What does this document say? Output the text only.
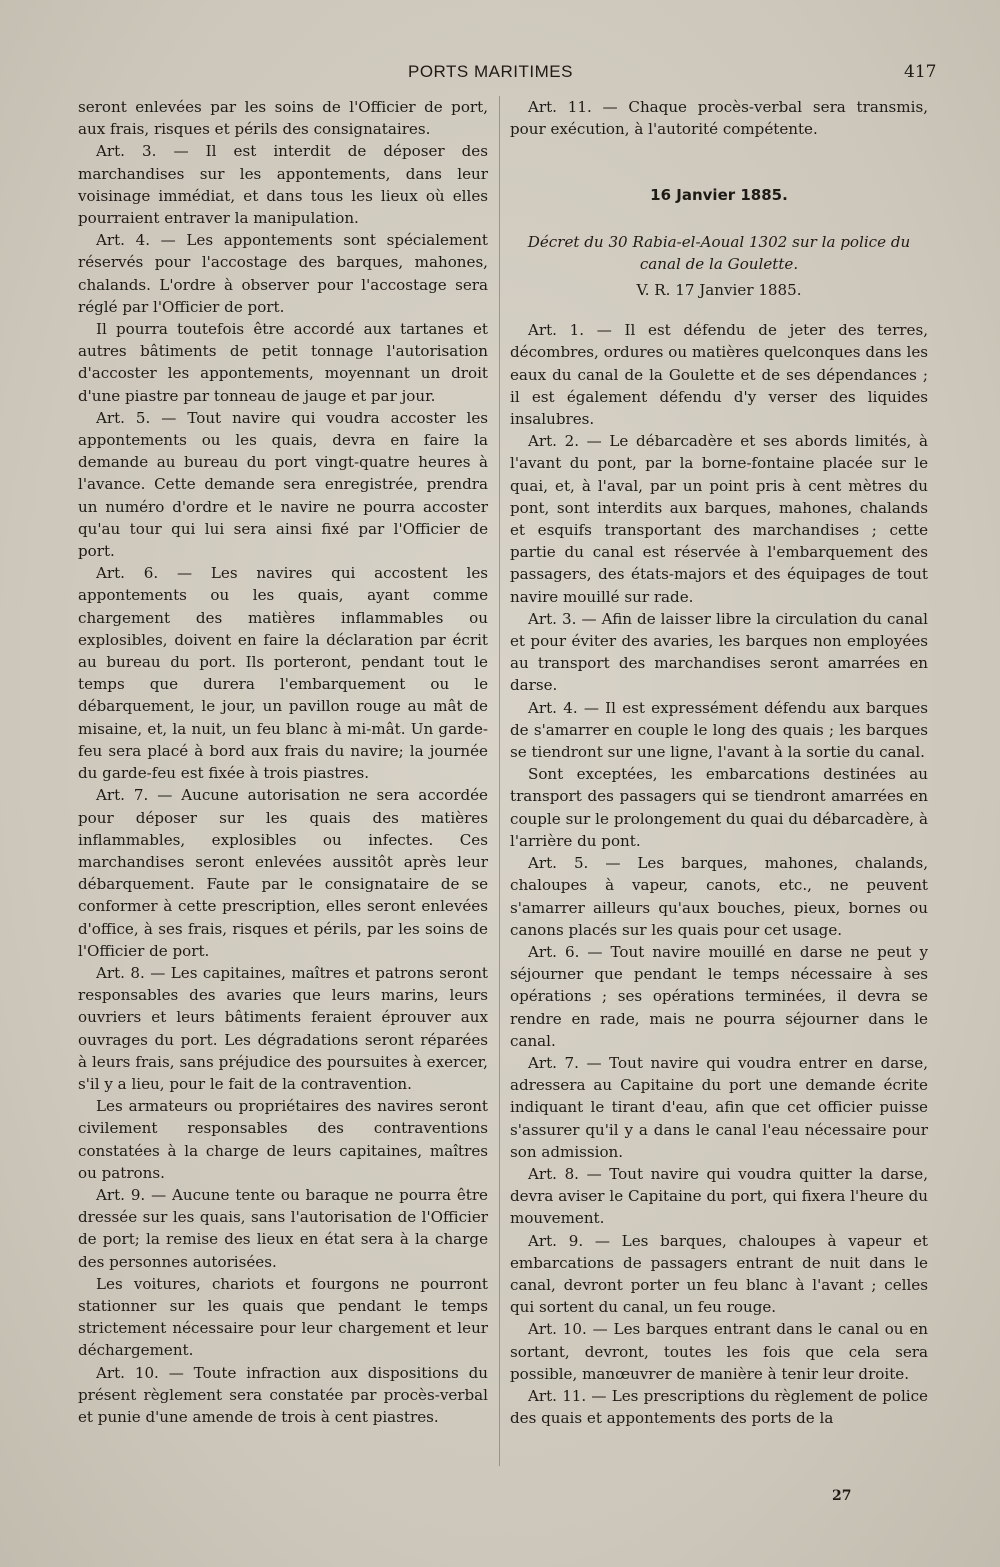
PORTS MARITIMES	417

seront enlevées par les soins de l'Officier de port, aux frais, risques et périls des consignataires.

Art. 3. — Il est interdit de déposer des marchandises sur les appontements, dans leur voisinage immédiat, et dans tous les lieux où elles pourraient entraver la manipulation.

Art. 4. — Les appontements sont spécialement réservés pour l'accostage des barques, mahones, chalands. L'ordre à observer pour l'accostage sera réglé par l'Officier de port.

Il pourra toutefois être accordé aux tartanes et autres bâtiments de petit tonnage l'autorisation d'accoster les appontements, moyennant un droit d'une piastre par tonneau de jauge et par jour.

Art. 5. — Tout navire qui voudra accoster les appontements ou les quais, devra en faire la demande au bureau du port vingt-quatre heures à l'avance. Cette demande sera enregistrée, prendra un numéro d'ordre et le navire ne pourra accoster qu'au tour qui lui sera ainsi fixé par l'Officier de port.

Art. 6. — Les navires qui accostent les appontements ou les quais, ayant comme chargement des matières inflammables ou explosibles, doivent en faire la déclaration par écrit au bureau du port. Ils porteront, pendant tout le temps que durera l'embarquement ou le débarquement, le jour, un pavillon rouge au mât de misaine, et, la nuit, un feu blanc à mi-mât. Un garde-feu sera placé à bord aux frais du navire; la journée du garde-feu est fixée à trois piastres.

Art. 7. — Aucune autorisation ne sera accordée pour déposer sur les quais des matières inflammables, explosibles ou infectes. Ces marchandises seront enlevées aussitôt après leur débarquement. Faute par le consignataire de se conformer à cette prescription, elles seront enlevées d'office, à ses frais, risques et périls, par les soins de l'Officier de port.

Art. 8. — Les capitaines, maîtres et patrons seront responsables des avaries que leurs marins, leurs ouvriers et leurs bâtiments feraient éprouver aux ouvrages du port. Les dégradations seront réparées à leurs frais, sans préjudice des poursuites à exercer, s'il y a lieu, pour le fait de la contravention.

Les armateurs ou propriétaires des navires seront civilement responsables des contraventions constatées à la charge de leurs capitaines, maîtres ou patrons.

Art. 9. — Aucune tente ou baraque ne pourra être dressée sur les quais, sans l'autorisation de l'Officier de port; la remise des lieux en état sera à la charge des personnes autorisées.

Les voitures, chariots et fourgons ne pourront stationner sur les quais que pendant le temps strictement nécessaire pour leur chargement et leur déchargement.

Art. 10. — Toute infraction aux dispositions du présent règlement sera constatée par procès-verbal et punie d'une amende de trois à cent piastres.

Art. 11. — Chaque procès-verbal sera transmis, pour exécution, à l'autorité compétente.

16 Janvier 1885.

Décret du 30 Rabia-el-Aoual 1302 sur la police du canal de la Goulette.

V. R. 17 Janvier 1885.

Art. 1. — Il est défendu de jeter des terres, décombres, ordures ou matières quelconques dans les eaux du canal de la Goulette et de ses dépendances ; il est également défendu d'y verser des liquides insalubres.

Art. 2. — Le débarcadère et ses abords limités, à l'avant du pont, par la borne-fontaine placée sur le quai, et, à l'aval, par un point pris à cent mètres du pont, sont interdits aux barques, mahones, chalands et esquifs transportant des marchandises ; cette partie du canal est réservée à l'embarquement des passagers, des états-majors et des équipages de tout navire mouillé sur rade.

Art. 3. — Afin de laisser libre la circulation du canal et pour éviter des avaries, les barques non employées au transport des marchandises seront amarrées en darse.

Art. 4. — Il est expressément défendu aux barques de s'amarrer en couple le long des quais ; les barques se tiendront sur une ligne, l'avant à la sortie du canal.

Sont exceptées, les embarcations destinées au transport des passagers qui se tiendront amarrées en couple sur le prolongement du quai du débarcadère, à l'arrière du pont.

Art. 5. — Les barques, mahones, chalands, chaloupes à vapeur, canots, etc., ne peuvent s'amarrer ailleurs qu'aux bouches, pieux, bornes ou canons placés sur les quais pour cet usage.

Art. 6. — Tout navire mouillé en darse ne peut y séjourner que pendant le temps nécessaire à ses opérations ; ses opérations terminées, il devra se rendre en rade, mais ne pourra séjourner dans le canal.

Art. 7. — Tout navire qui voudra entrer en darse, adressera au Capitaine du port une demande écrite indiquant le tirant d'eau, afin que cet officier puisse s'assurer qu'il y a dans le canal l'eau nécessaire pour son admission.

Art. 8. — Tout navire qui voudra quitter la darse, devra aviser le Capitaine du port, qui fixera l'heure du mouvement.

Art. 9. — Les barques, chaloupes à vapeur et embarcations de passagers entrant de nuit dans le canal, devront porter un feu blanc à l'avant ; celles qui sortent du canal, un feu rouge.

Art. 10. — Les barques entrant dans le canal ou en sortant, devront, toutes les fois que cela sera possible, manœuvrer de manière à tenir leur droite.

Art. 11. — Les prescriptions du règlement de police des quais et appontements des ports de la

27
